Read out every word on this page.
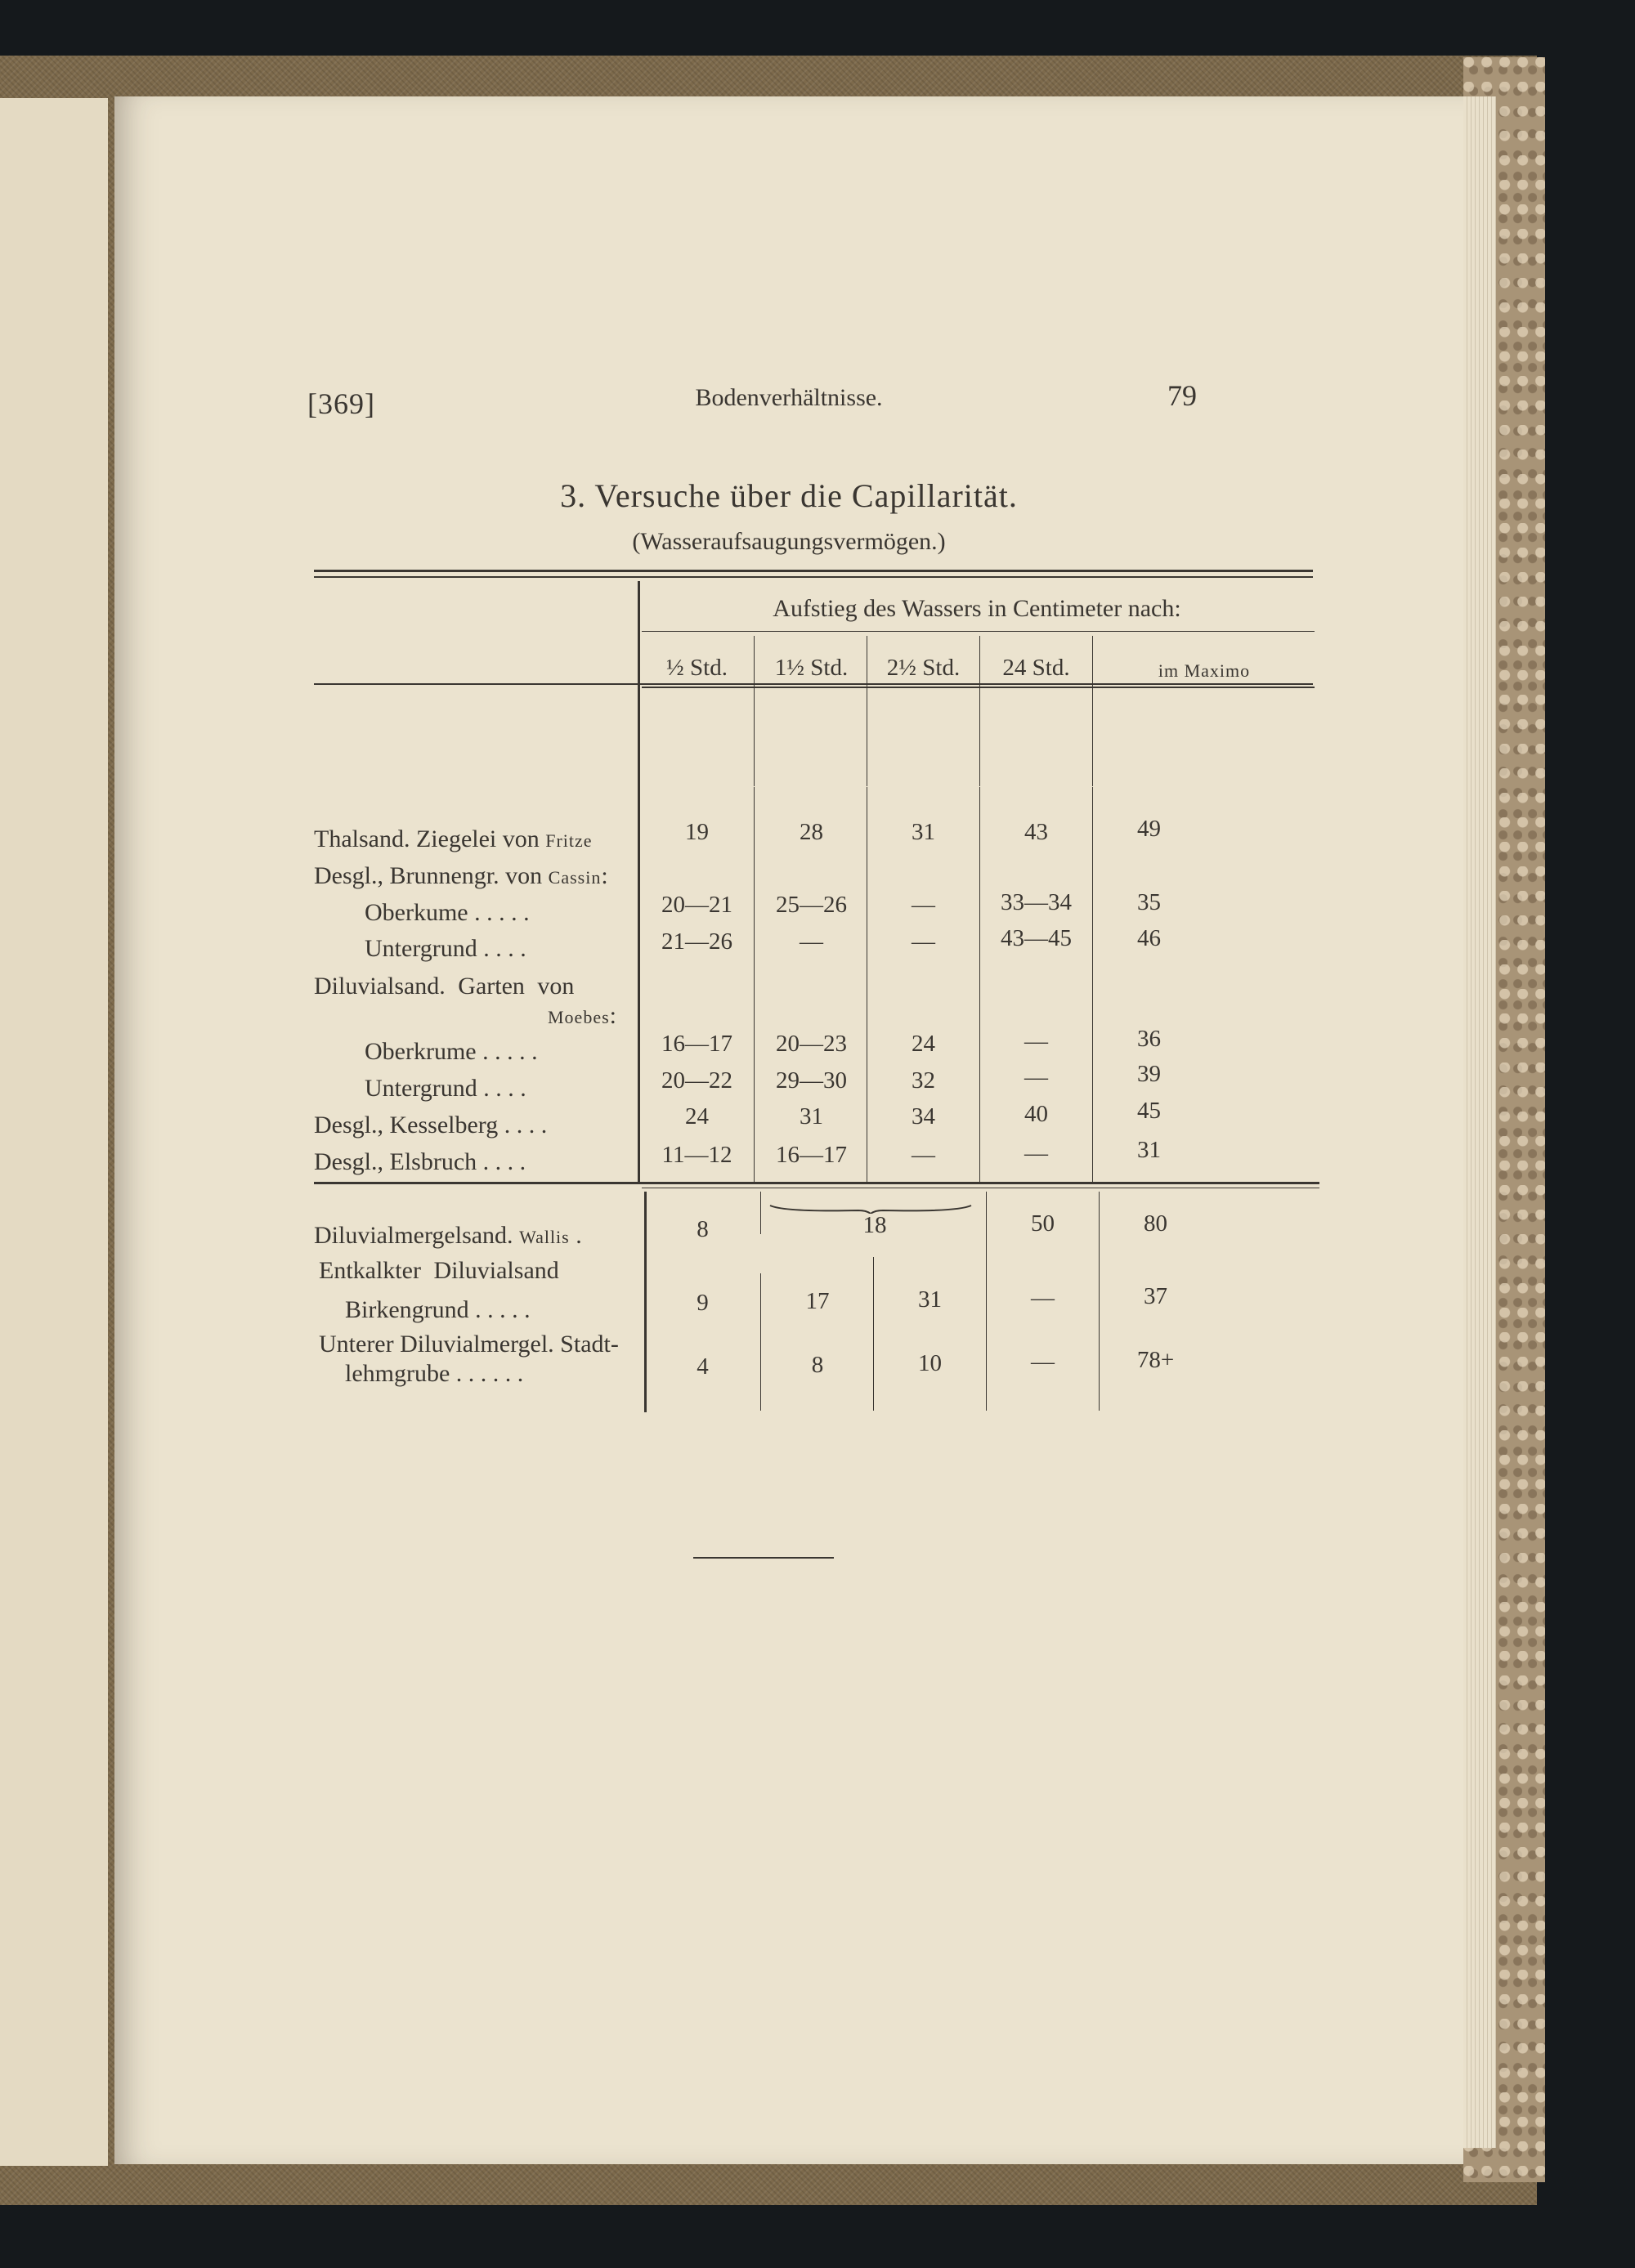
[369]	Bodenverhältnisse.	79
3. Versuche über die Capillarität.
(Wasseraufsaugungsvermögen.)
Aufstieg des Wassers in Centimeter nach:
½ Std.	1½ Std.	2½ Std.	24 Std.	im Maximo
Thalsand. Ziegelei von Fritze	19	28	31	43	49
Desgl., Brunnengr. von Cassin:
Oberkume . . . . .	20—21	25—26	—	33—34	35
Untergrund . . . .	21—26	—	—	43—45	46
Diluvialsand. Garten von
Moebes:
Oberkrume . . . . .	16—17	20—23	24	—	36
Untergrund . . . .	20—22	29—30	32	—	39
Desgl., Kesselberg . . . .	24	31	34	40	45
Desgl., Elsbruch . . . .	11—12	16—17	—	—	31
Diluvialmergelsand. Wallis .	8	18	50	80
Entkalkter Diluvialsand
Birkengrund . . . . .	9	17	31	—	37
Unterer Diluvialmergel. Stadt-
lehmgrube . . . . . .	4	8	10	—	78+
